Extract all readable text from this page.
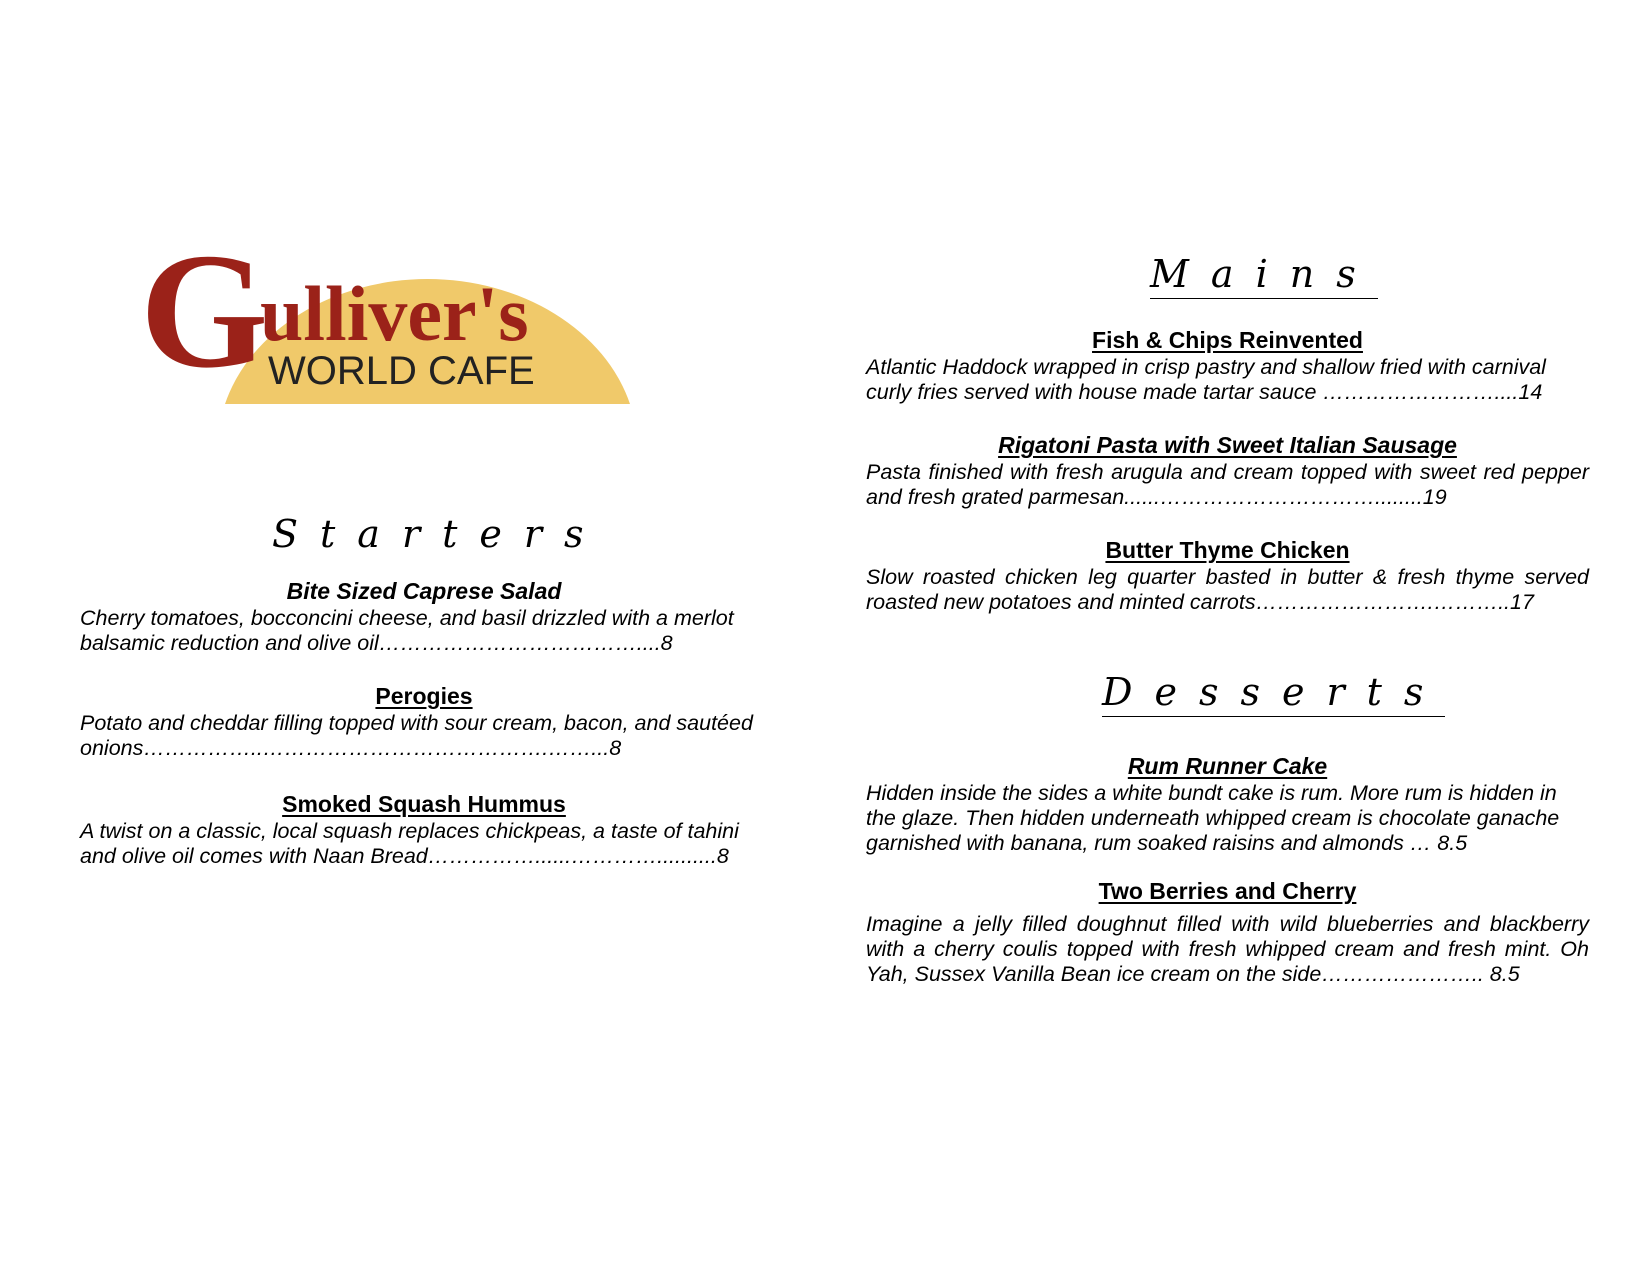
G
ulliver's
WORLD CAFE
Starters
Bite Sized Caprese Salad
Cherry tomatoes, bocconcini cheese, and basil drizzled with a merlot balsamic reduction and olive oil………………………………....8
Perogies
Potato and cheddar filling topped with sour cream, bacon, and sautéed onions……………..………………………………….……...8
Smoked Squash Hummus
A twist on a classic, local squash replaces chickpeas, a taste of tahini and olive oil comes with Naan Bread……………......…………..........8
Mains
Fish & Chips Reinvented
Atlantic Haddock wrapped in crisp pastry and shallow fried with carnival curly fries served with house made tartar sauce ……………………....14
Rigatoni Pasta with Sweet Italian Sausage
Pasta finished with fresh arugula and cream topped with sweet red pepper and fresh grated parmesan......…………………………........19
Butter Thyme Chicken
Slow roasted chicken leg quarter basted in butter & fresh thyme served roasted new potatoes and minted carrots…………………….………..17
Desserts
Rum Runner Cake
Hidden inside the sides a white bundt cake is rum. More rum is hidden in the glaze. Then hidden underneath whipped cream is chocolate ganache garnished with banana, rum soaked raisins and almonds … 8.5
Two Berries and Cherry
Imagine a jelly filled doughnut filled with wild blueberries and blackberry with a cherry coulis topped with fresh whipped cream and fresh mint. Oh Yah, Sussex Vanilla Bean ice cream on the side………………….. 8.5
